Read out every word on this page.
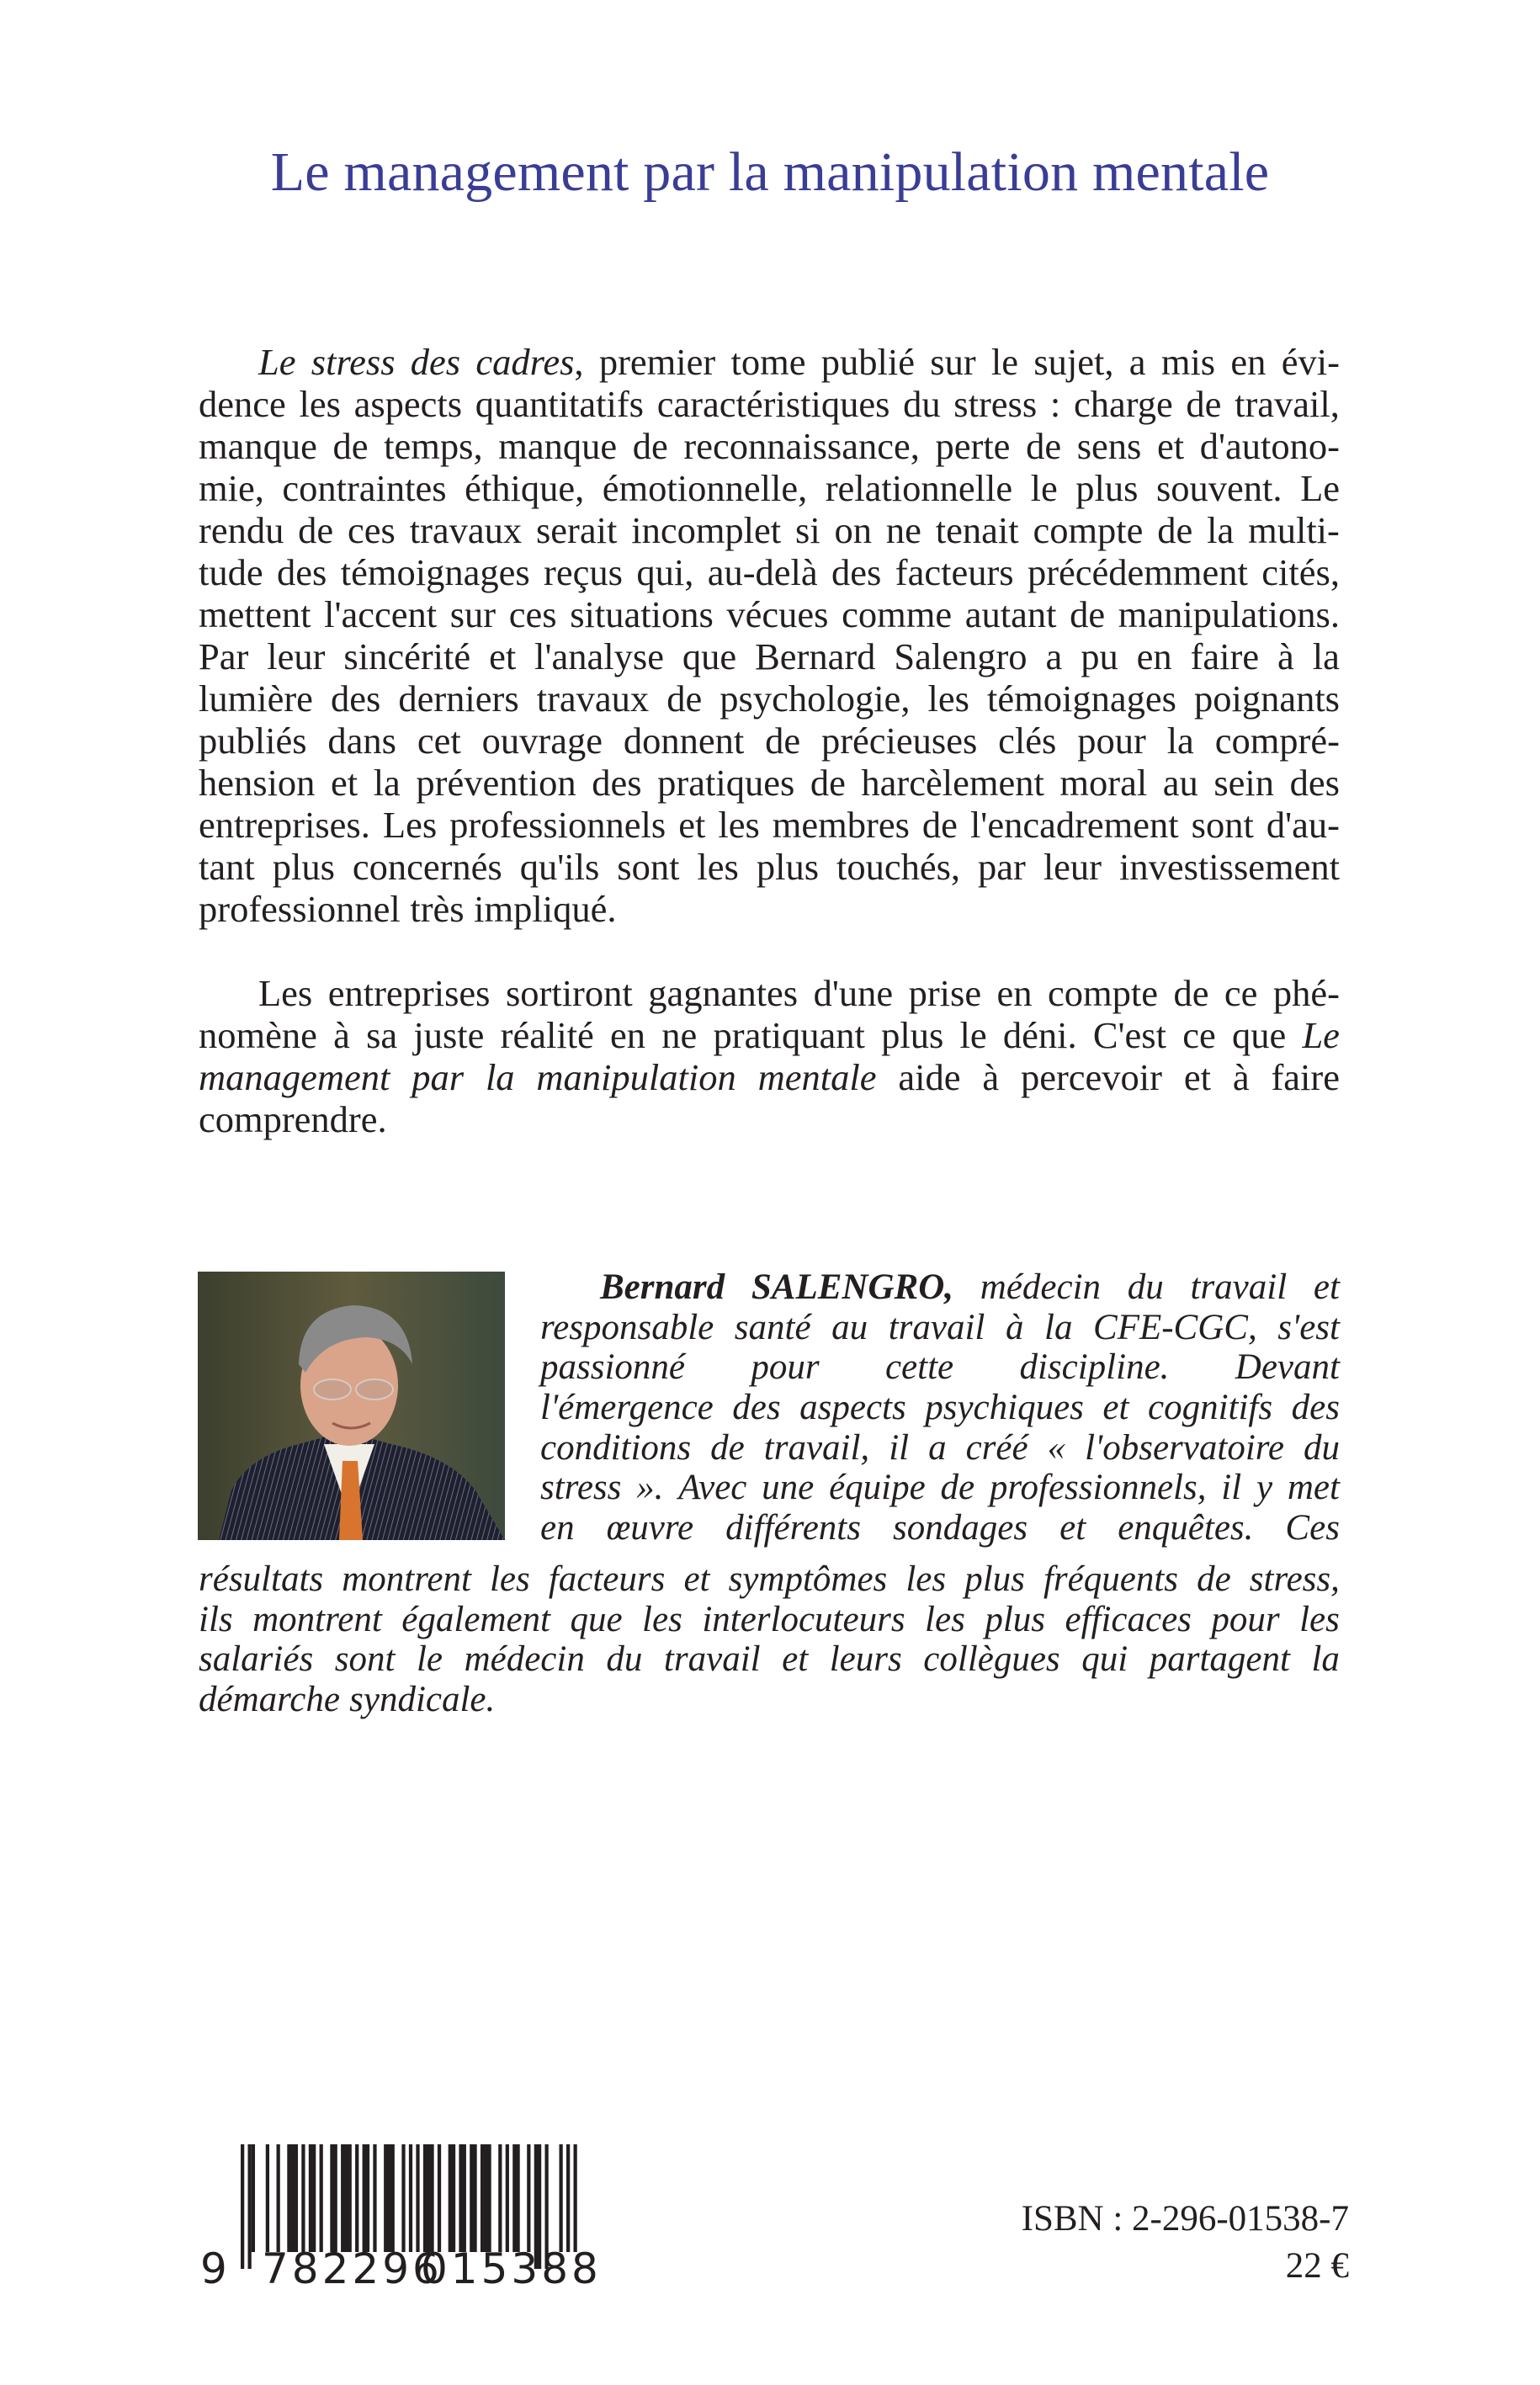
Le management par la manipulation mentale
Le stress des cadres, premier tome publié sur le sujet, a mis en évi-
dence les aspects quantitatifs caractéristiques du stress : charge de travail,
manque de temps, manque de reconnaissance, perte de sens et d'autono-
mie, contraintes éthique, émotionnelle, relationnelle le plus souvent. Le
rendu de ces travaux serait incomplet si on ne tenait compte de la multi-
tude des témoignages reçus qui, au-delà des facteurs précédemment cités,
mettent l'accent sur ces situations vécues comme autant de manipulations.
Par leur sincérité et l'analyse que Bernard Salengro a pu en faire à la
lumière des derniers travaux de psychologie, les témoignages poignants
publiés dans cet ouvrage donnent de précieuses clés pour la compré-
hension et la prévention des pratiques de harcèlement moral au sein des
entreprises. Les professionnels et les membres de l'encadrement sont d'au-
tant plus concernés qu'ils sont les plus touchés, par leur investissement
professionnel très impliqué.
Les entreprises sortiront gagnantes d'une prise en compte de ce phé-
nomène à sa juste réalité en ne pratiquant plus le déni. C'est ce que Le
management par la manipulation mentale aide à percevoir et à faire
comprendre.
Bernard SALENGRO, médecin du travail et
responsable santé au travail à la CFE-CGC, s'est
passionné pour cette discipline. Devant
l'émergence des aspects psychiques et cognitifs des
conditions de travail, il a créé « l'observatoire du
stress ». Avec une équipe de professionnels, il y met
en œuvre différents sondages et enquêtes. Ces
résultats montrent les facteurs et symptômes les plus fréquents de stress,
ils montrent également que les interlocuteurs les plus efficaces pour les
salariés sont le médecin du travail et leurs collègues qui partagent la
démarche syndicale.
9 782296
015388
ISBN : 2-296-01538-7
22 €
